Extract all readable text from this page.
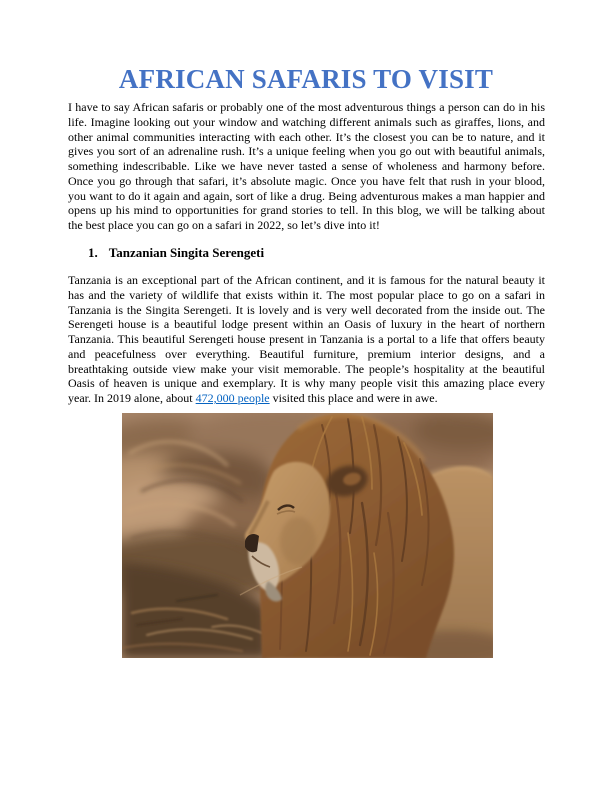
AFRICAN SAFARIS TO VISIT
I have to say African safaris or probably one of the most adventurous things a person can do in his life. Imagine looking out your window and watching different animals such as giraffes, lions, and other animal communities interacting with each other. It’s the closest you can be to nature, and it gives you sort of an adrenaline rush. It’s a unique feeling when you go out with beautiful animals, something indescribable. Like we have never tasted a sense of wholeness and harmony before. Once you go through that safari, it’s absolute magic. Once you have felt that rush in your blood, you want to do it again and again, sort of like a drug. Being adventurous makes a man happier and opens up his mind to opportunities for grand stories to tell. In this blog, we will be talking about the best place you can go on a safari in 2022, so let’s dive into it!
1. Tanzanian Singita Serengeti
Tanzania is an exceptional part of the African continent, and it is famous for the natural beauty it has and the variety of wildlife that exists within it. The most popular place to go on a safari in Tanzania is the Singita Serengeti. It is lovely and is very well decorated from the inside out. The Serengeti house is a beautiful lodge present within an Oasis of luxury in the heart of northern Tanzania. This beautiful Serengeti house present in Tanzania is a portal to a life that offers beauty and peacefulness over everything. Beautiful furniture, premium interior designs, and a breathtaking outside view make your visit memorable. The people’s hospitality at the beautiful Oasis of heaven is unique and exemplary. It is why many people visit this amazing place every year. In 2019 alone, about 472,000 people visited this place and were in awe.
